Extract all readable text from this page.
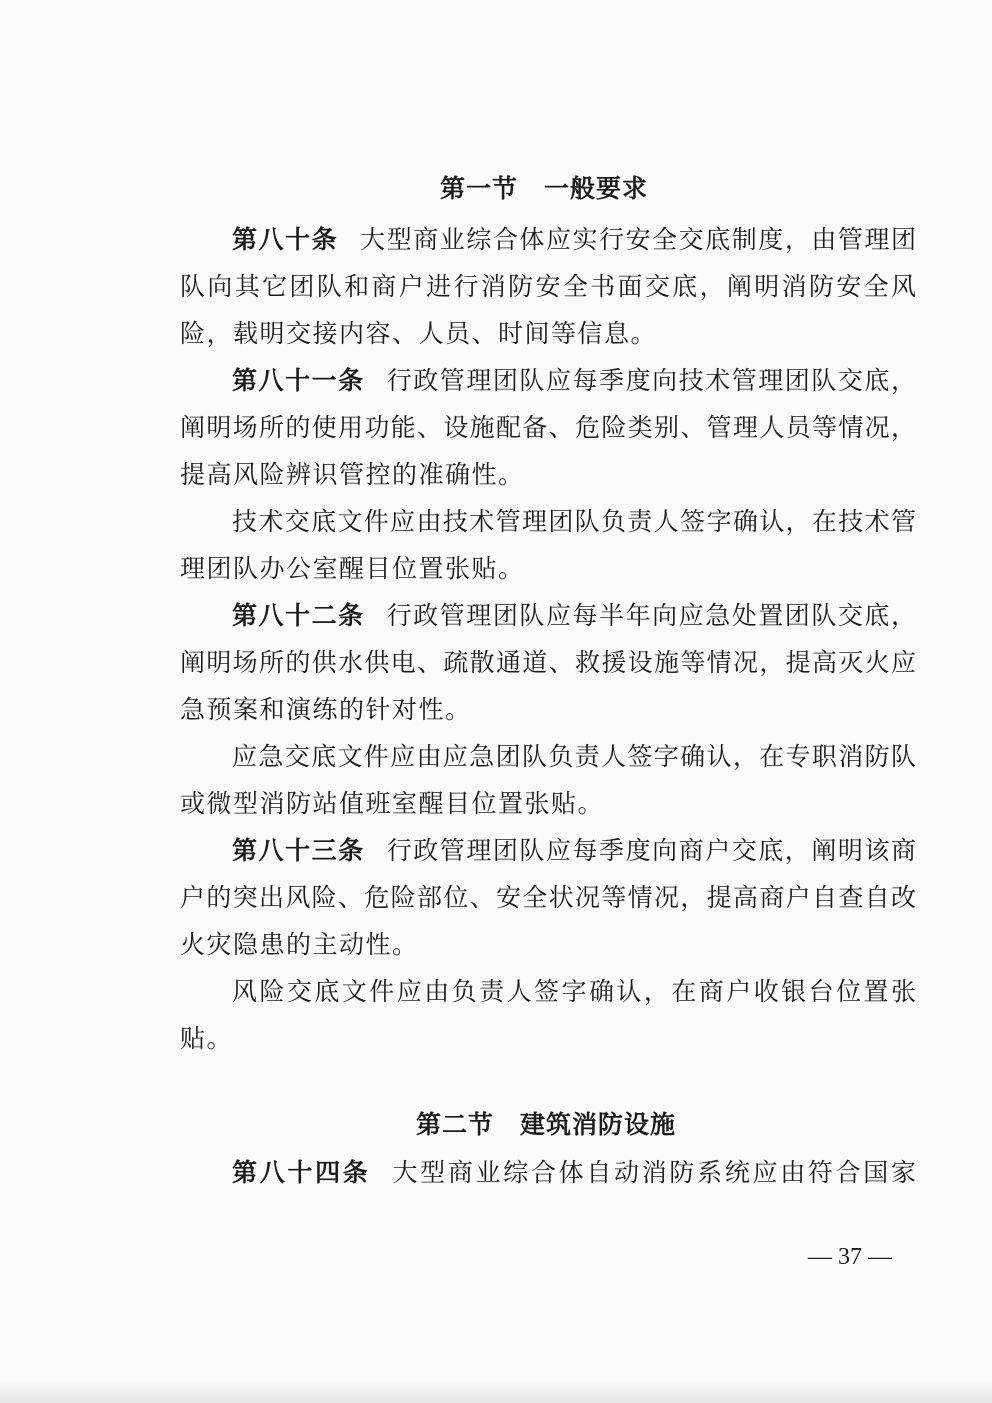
第一节　一般要求
第八十条 大型商业综合体应实行安全交底制度，由管理团
队向其它团队和商户进行消防安全书面交底，阐明消防安全风
险，载明交接内容、人员、时间等信息。
第八十一条 行政管理团队应每季度向技术管理团队交底，
阐明场所的使用功能、设施配备、危险类别、管理人员等情况，
提高风险辨识管控的准确性。
技术交底文件应由技术管理团队负责人签字确认，在技术管
理团队办公室醒目位置张贴。
第八十二条 行政管理团队应每半年向应急处置团队交底，
阐明场所的供水供电、疏散通道、救援设施等情况，提高灭火应
急预案和演练的针对性。
应急交底文件应由应急团队负责人签字确认，在专职消防队
或微型消防站值班室醒目位置张贴。
第八十三条 行政管理团队应每季度向商户交底，阐明该商
户的突出风险、危险部位、安全状况等情况，提高商户自查自改
火灾隐患的主动性。
风险交底文件应由负责人签字确认，在商户收银台位置张
贴。
第二节　建筑消防设施
第八十四条 大型商业综合体自动消防系统应由符合国家
— 37 —
